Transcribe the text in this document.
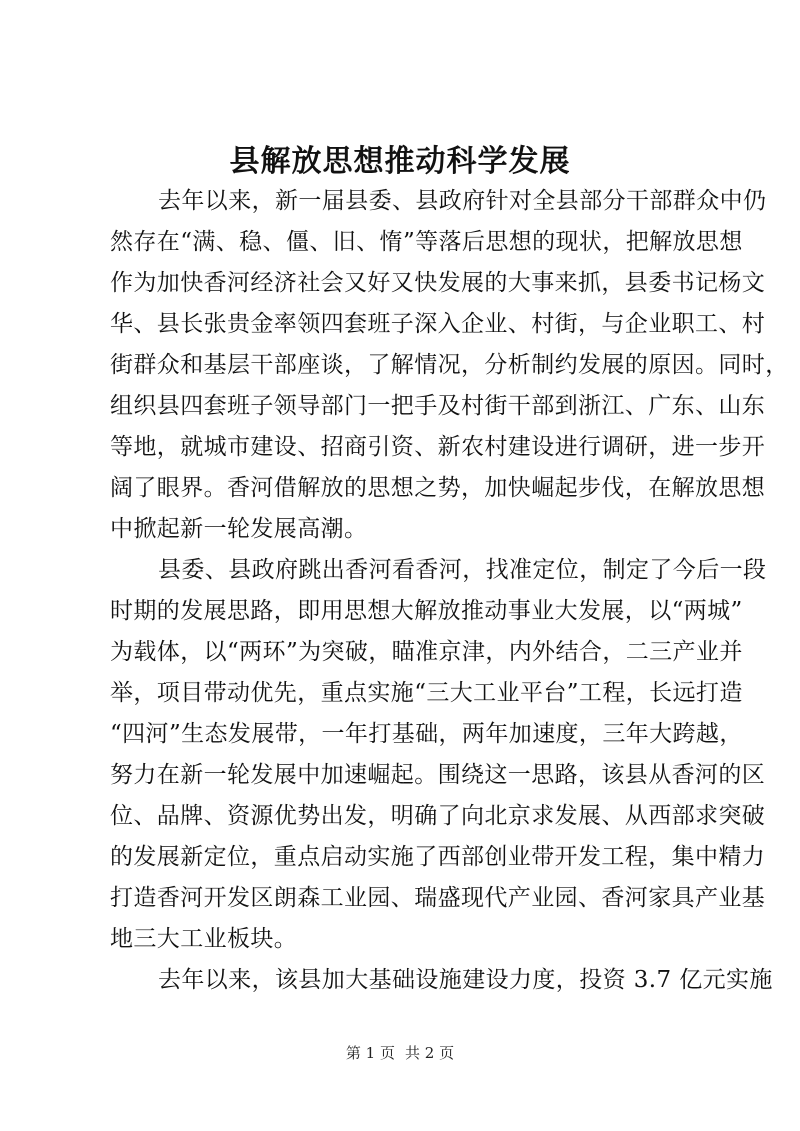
县解放思想推动科学发展
去年以来，新一届县委、县政府针对全县部分干部群众中仍
然存在“满、稳、僵、旧、惰”等落后思想的现状，把解放思想
作为加快香河经济社会又好又快发展的大事来抓，县委书记杨文
华、县长张贵金率领四套班子深入企业、村街，与企业职工、村
街群众和基层干部座谈，了解情况，分析制约发展的原因。同时，
组织县四套班子领导部门一把手及村街干部到浙江、广东、山东
等地，就城市建设、招商引资、新农村建设进行调研，进一步开
阔了眼界。香河借解放的思想之势，加快崛起步伐，在解放思想
中掀起新一轮发展高潮。
县委、县政府跳出香河看香河，找准定位，制定了今后一段
时期的发展思路，即用思想大解放推动事业大发展，以“两城”
为载体，以“两环”为突破，瞄准京津，内外结合，二三产业并
举，项目带动优先，重点实施“三大工业平台”工程，长远打造
“四河”生态发展带，一年打基础，两年加速度，三年大跨越，
努力在新一轮发展中加速崛起。围绕这一思路，该县从香河的区
位、品牌、资源优势出发，明确了向北京求发展、从西部求突破
的发展新定位，重点启动实施了西部创业带开发工程，集中精力
打造香河开发区朗森工业园、瑞盛现代产业园、香河家具产业基
地三大工业板块。
去年以来，该县加大基础设施建设力度，投资 3.7 亿元实施
第 1 页 共 2 页
